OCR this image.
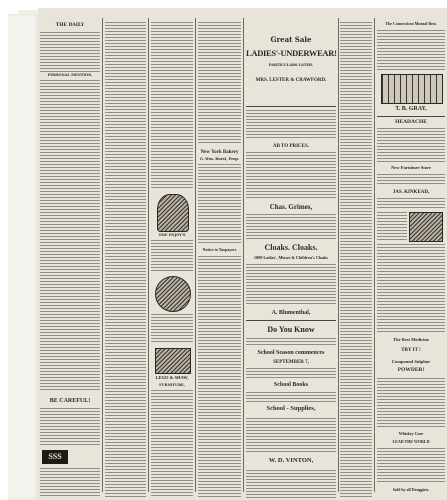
THE DAILY
PERSONAL MENTION.
BE CAREFUL!
SSS
ONE ENJOY'S
LEGO & SHAW,
FURNITURE,
New York Bakery
G. Wm. Burst, Prop.
Notice to Taxpayers
Great Sale
LADIES'-UNDERWEAR!
PARTICULARS LATER.
MRS. LESTER & CRAWFORD.
AB TO PRICES.
Chas. Grimes,
Cloaks. Cloaks.
1000 Ladies', Misses & Children's Cloaks
A. Blumenthal,
Do You Know
School Season commences
SEPTEMBER 7,
School Books
School - Supplies,
W. D. VINTON,
The Connecticut Mutual Best.
T. B. GRAY,
HEADACHE
New Furniture Store
JAS. KINKEAD,
The Best Medicine
TRY IT !
Compound Sulphur
POWDER!
Whiskey Cure
LEAD THE WORLD
Sold by all Druggists.
